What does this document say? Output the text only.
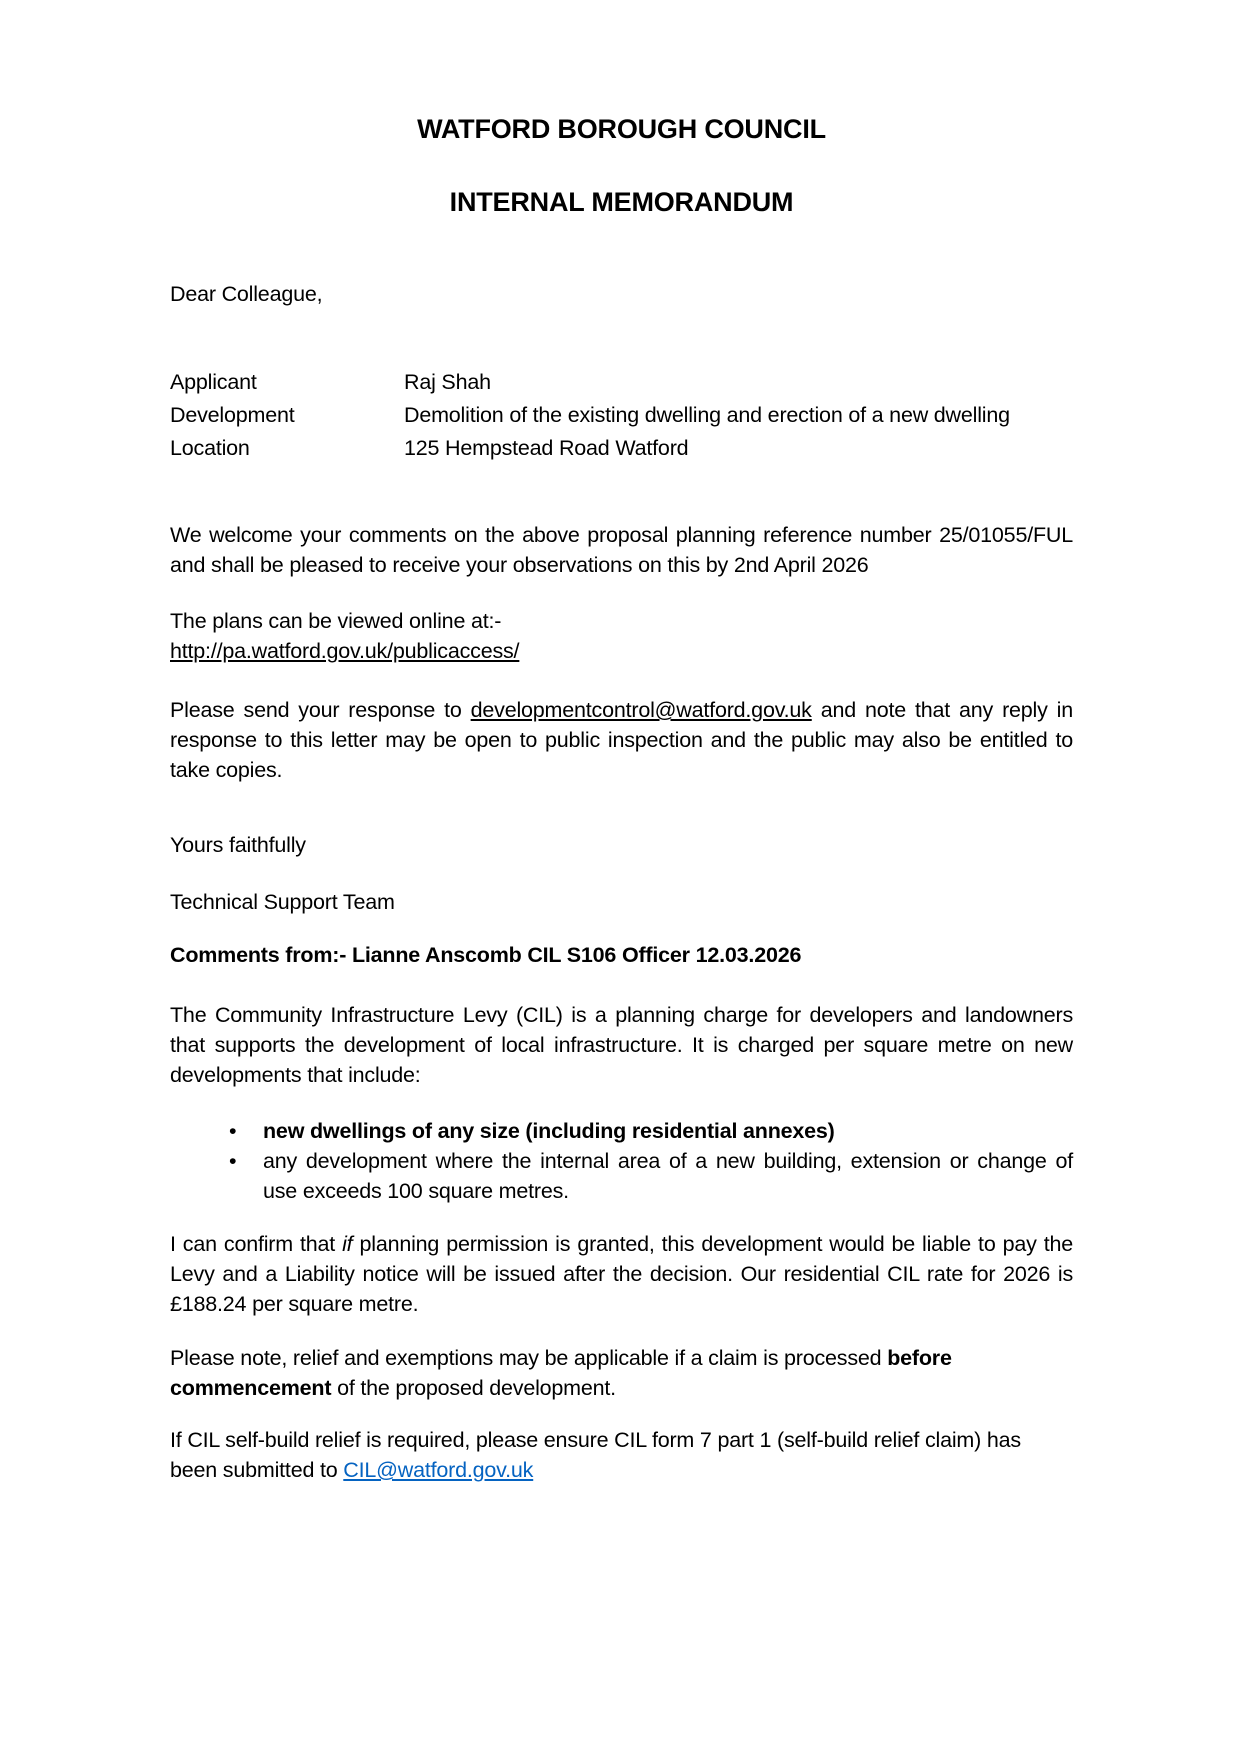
WATFORD BOROUGH COUNCIL
INTERNAL MEMORANDUM
Dear Colleague,
Applicant	Raj Shah
Development	Demolition of the existing dwelling and erection of a new dwelling
Location	125 Hempstead Road Watford

We welcome your comments on the above proposal planning reference number 25/01055/FUL and shall be pleased to receive your observations on this by 2nd April 2026

The plans can be viewed online at:-
http://pa.watford.gov.uk/publicaccess/

Please send your response to developmentcontrol@watford.gov.uk and note that any reply in response to this letter may be open to public inspection and the public may also be entitled to take copies.

Yours faithfully

Technical Support Team

Comments from:- Lianne Anscomb CIL S106 Officer 12.03.2026

The Community Infrastructure Levy (CIL) is a planning charge for developers and landowners that supports the development of local infrastructure. It is charged per square metre on new developments that include:

•	new dwellings of any size (including residential annexes)
•	any development where the internal area of a new building, extension or change of use exceeds 100 square metres.

I can confirm that if planning permission is granted, this development would be liable to pay the Levy and a Liability notice will be issued after the decision. Our residential CIL rate for 2026 is £188.24 per square metre.

Please note, relief and exemptions may be applicable if a claim is processed before commencement of the proposed development.

If CIL self-build relief is required, please ensure CIL form 7 part 1 (self-build relief claim) has been submitted to CIL@watford.gov.uk
